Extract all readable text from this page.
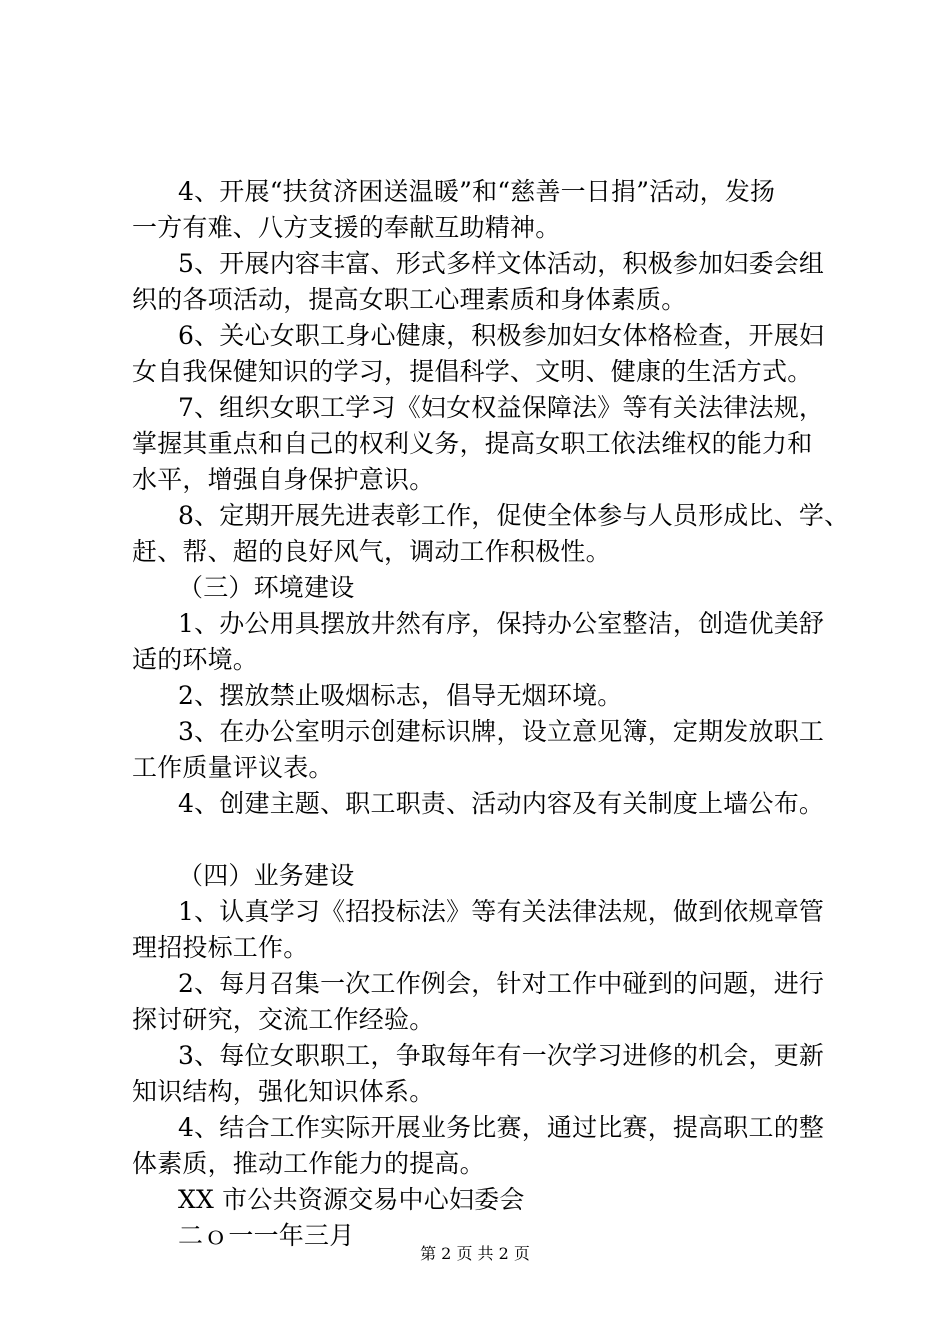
4、开展“扶贫济困送温暖”和“慈善一日捐”活动，发扬
一方有难、八方支援的奉献互助精神。
5、开展内容丰富、形式多样文体活动，积极参加妇委会组
织的各项活动，提高女职工心理素质和身体素质。
6、关心女职工身心健康，积极参加妇女体格检查，开展妇
女自我保健知识的学习，提倡科学、文明、健康的生活方式。
7、组织女职工学习《妇女权益保障法》等有关法律法规，
掌握其重点和自己的权利义务，提高女职工依法维权的能力和
水平，增强自身保护意识。
8、定期开展先进表彰工作，促使全体参与人员形成比、学、
赶、帮、超的良好风气，调动工作积极性。
（三）环境建设
1、办公用具摆放井然有序，保持办公室整洁，创造优美舒
适的环境。
2、摆放禁止吸烟标志，倡导无烟环境。
3、在办公室明示创建标识牌，设立意见簿，定期发放职工
工作质量评议表。
4、创建主题、职工职责、活动内容及有关制度上墙公布。
（四）业务建设
1、认真学习《招投标法》等有关法律法规，做到依规章管
理招投标工作。
2、每月召集一次工作例会，针对工作中碰到的问题，进行
探讨研究，交流工作经验。
3、每位女职职工，争取每年有一次学习进修的机会，更新
知识结构，强化知识体系。
4、结合工作实际开展业务比赛，通过比赛，提高职工的整
体素质，推动工作能力的提高。
XX 市公共资源交易中心妇委会
二ｏ一一年三月
第 2 页 共 2 页
